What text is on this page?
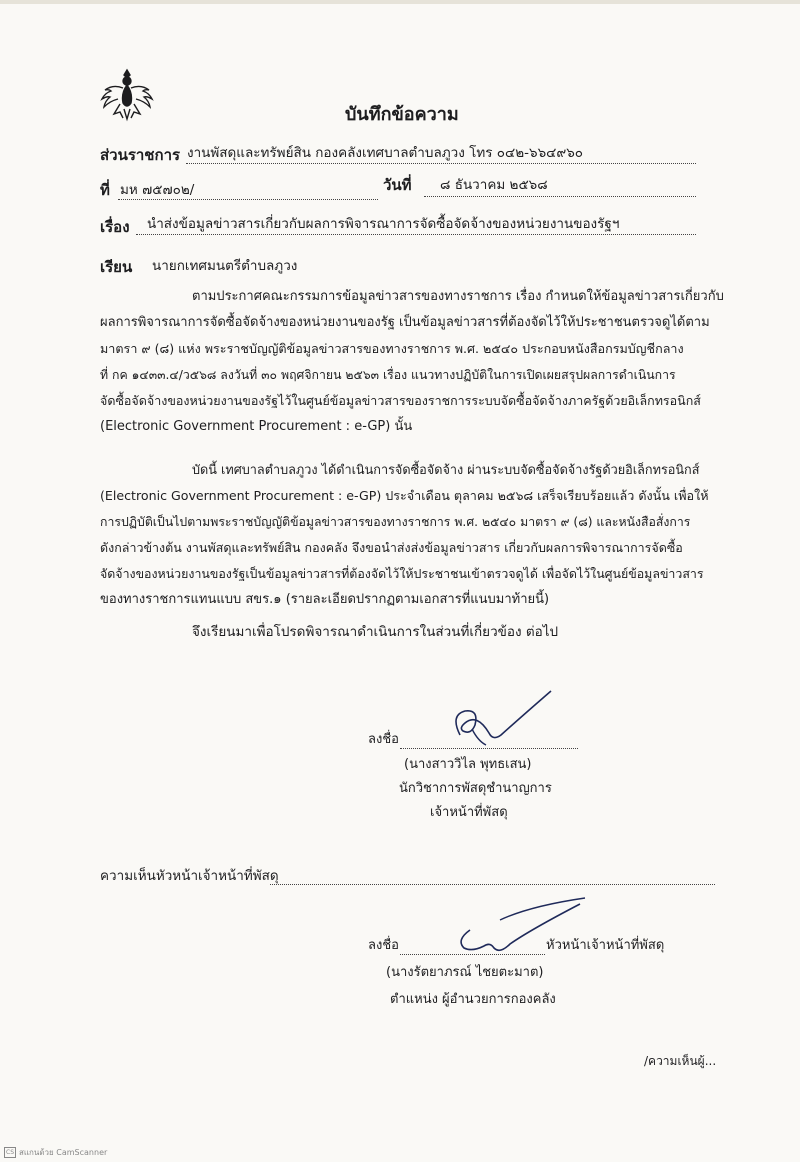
บันทึกข้อความ
ส่วนราชการ งานพัสดุและทรัพย์สิน กองคลังเทศบาลตำบลภูวง โทร ๐๔๒-๖๖๔๙๖๐
ที่ มห ๗๕๗๐๒/	วันที่ ๘ ธันวาคม ๒๕๖๘
เรื่อง นำส่งข้อมูลข่าวสารเกี่ยวกับผลการพิจารณาการจัดซื้อจัดจ้างของหน่วยงานของรัฐฯ
เรียน นายกเทศมนตรีตำบลภูวง
ตามประกาศคณะกรรมการข้อมูลข่าวสารของทางราชการ เรื่อง กำหนดให้ข้อมูลข่าวสารเกี่ยวกับ
ผลการพิจารณาการจัดซื้อจัดจ้างของหน่วยงานของรัฐ เป็นข้อมูลข่าวสารที่ต้องจัดไว้ให้ประชาชนตรวจดูได้ตาม
มาตรา ๙ (๘) แห่ง พระราชบัญญัติข้อมูลข่าวสารของทางราชการ พ.ศ. ๒๕๔๐ ประกอบหนังสือกรมบัญชีกลาง
ที่ กค ๑๔๓๓.๔/ว๕๖๘ ลงวันที่ ๓๐ พฤศจิกายน ๒๕๖๓ เรื่อง แนวทางปฏิบัติในการเปิดเผยสรุปผลการดำเนินการ
จัดซื้อจัดจ้างของหน่วยงานของรัฐไว้ในศูนย์ข้อมูลข่าวสารของราชการระบบจัดซื้อจัดจ้างภาครัฐด้วยอิเล็กทรอนิกส์
(Electronic Government Procurement : e-GP) นั้น
บัดนี้ เทศบาลตำบลภูวง ได้ดำเนินการจัดซื้อจัดจ้าง ผ่านระบบจัดซื้อจัดจ้างรัฐด้วยอิเล็กทรอนิกส์
(Electronic Government Procurement : e-GP) ประจำเดือน ตุลาคม ๒๕๖๘ เสร็จเรียบร้อยแล้ว ดังนั้น เพื่อให้
การปฏิบัติเป็นไปตามพระราชบัญญัติข้อมูลข่าวสารของทางราชการ พ.ศ. ๒๕๔๐ มาตรา ๙ (๘) และหนังสือสั่งการ
ดังกล่าวข้างต้น งานพัสดุและทรัพย์สิน กองคลัง จึงขอนำส่งส่งข้อมูลข่าวสาร เกี่ยวกับผลการพิจารณาการจัดซื้อ
จัดจ้างของหน่วยงานของรัฐเป็นข้อมูลข่าวสารที่ต้องจัดไว้ให้ประชาชนเข้าตรวจดูได้ เพื่อจัดไว้ในศูนย์ข้อมูลข่าวสาร
ของทางราชการแทนแบบ สขร.๑ (รายละเอียดปรากฏตามเอกสารที่แนบมาท้ายนี้)
จึงเรียนมาเพื่อโปรดพิจารณาดำเนินการในส่วนที่เกี่ยวข้อง ต่อไป
ลงชื่อ
(นางสาววิไล พุทธเสน)
นักวิชาการพัสดุชำนาญการ
เจ้าหน้าที่พัสดุ
ความเห็นหัวหน้าเจ้าหน้าที่พัสดุ
ลงชื่อ	หัวหน้าเจ้าหน้าที่พัสดุ
(นางรัตยาภรณ์ ไชยตะมาต)
ตำแหน่ง ผู้อำนวยการกองคลัง
/ความเห็นผู้...
CS สแกนด้วย CamScanner
